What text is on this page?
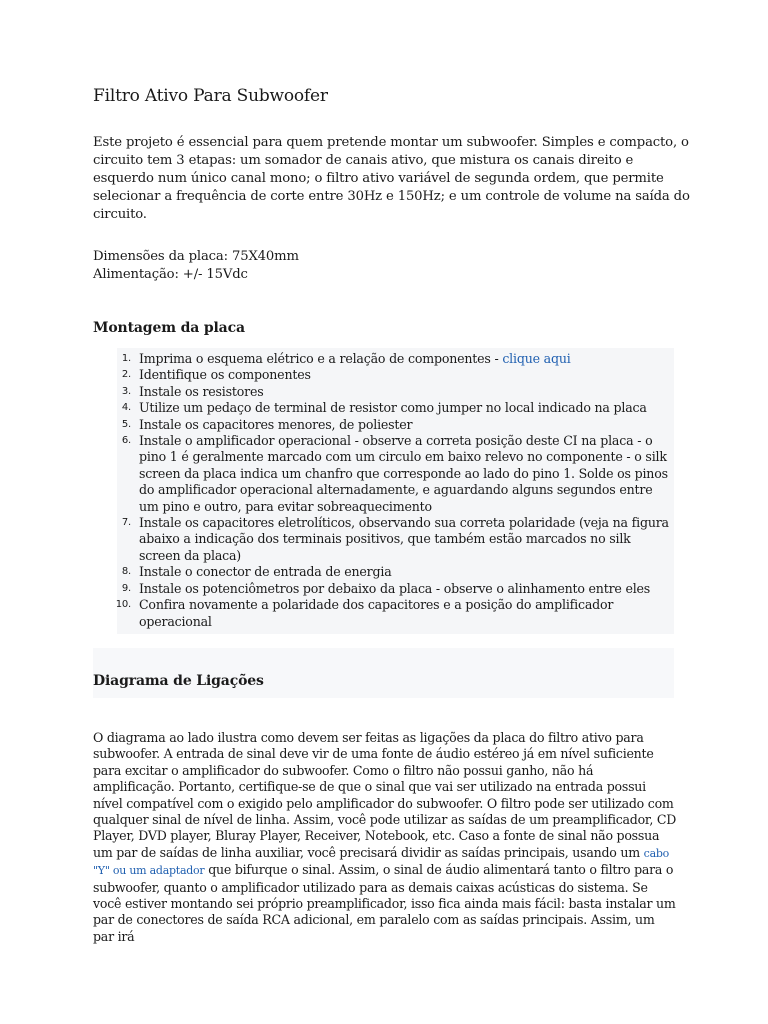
Filtro Ativo Para Subwoofer

Este projeto é essencial para quem pretende montar um subwoofer. Simples e compacto, o circuito tem 3 etapas: um somador de canais ativo, que mistura os canais direito e esquerdo num único canal mono; o filtro ativo variável de segunda ordem, que permite selecionar a frequência de corte entre 30Hz e 150Hz; e um controle de volume na saída do circuito.

Dimensões da placa: 75X40mm
Alimentação: +/- 15Vdc
Montagem da placa
1. Imprima o esquema elétrico e a relação de componentes - clique aqui
2. Identifique os componentes
3. Instale os resistores
4. Utilize um pedaço de terminal de resistor como jumper no local indicado na placa
5. Instale os capacitores menores, de poliester
6. Instale o amplificador operacional - observe a correta posição deste CI na placa - o pino 1 é geralmente marcado com um circulo em baixo relevo no componente - o silk screen da placa indica um chanfro que corresponde ao lado do pino 1. Solde os pinos do amplificador operacional alternadamente, e aguardando alguns segundos entre um pino e outro, para evitar sobreaquecimento
7. Instale os capacitores eletrolíticos, observando sua correta polaridade (veja na figura abaixo a indicação dos terminais positivos, que também estão marcados no silk screen da placa)
8. Instale o conector de entrada de energia
9. Instale os potenciômetros por debaixo da placa - observe o alinhamento entre eles
10. Confira novamente a polaridade dos capacitores e a posição do amplificador operacional
Diagrama de Ligações

O diagrama ao lado ilustra como devem ser feitas as ligações da placa do filtro ativo para subwoofer. A entrada de sinal deve vir de uma fonte de áudio estéreo já em nível suficiente para excitar o amplificador do subwoofer. Como o filtro não possui ganho, não há amplificação. Portanto, certifique-se de que o sinal que vai ser utilizado na entrada possui nível compatível com o exigido pelo amplificador do subwoofer. O filtro pode ser utilizado com qualquer sinal de nível de linha. Assim, você pode utilizar as saídas de um preamplificador, CD Player, DVD player, Bluray Player, Receiver, Notebook, etc. Caso a fonte de sinal não possua um par de saídas de linha auxiliar, você precisará dividir as saídas principais, usando um cabo "Y" ou um adaptador que bifurque o sinal. Assim, o sinal de áudio alimentará tanto o filtro para o subwoofer, quanto o amplificador utilizado para as demais caixas acústicas do sistema. Se você estiver montando sei próprio preamplificador, isso fica ainda mais fácil: basta instalar um par de conectores de saída RCA adicional, em paralelo com as saídas principais. Assim, um par irá
